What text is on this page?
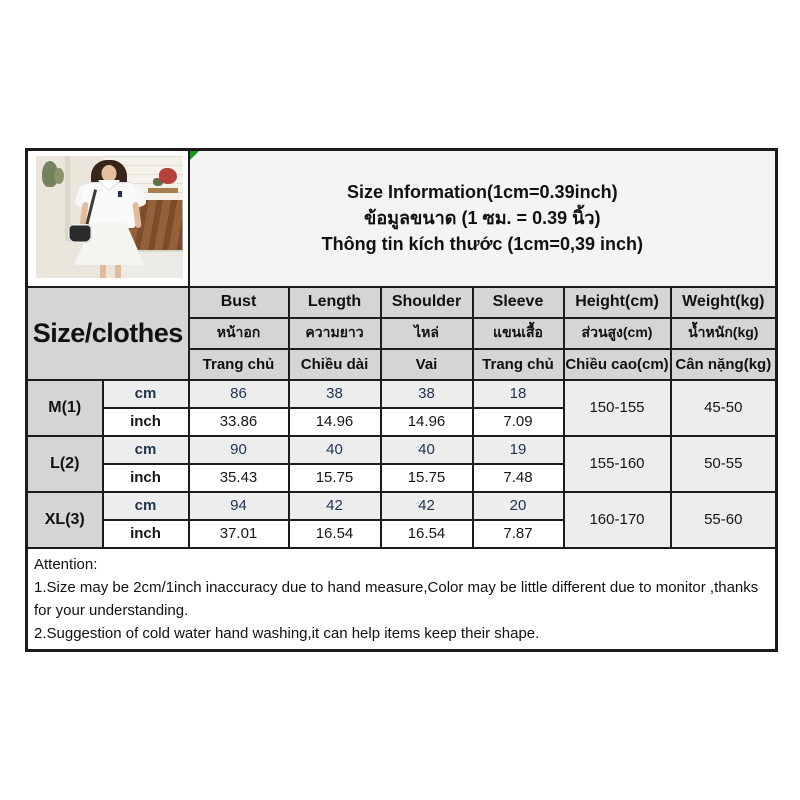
		Size Information(1cm=0.39inch)
ข้อมูลขนาด (1 ซม. = 0.39 นิ้ว)
Thông tin kích thước (1cm=0,39 inch)					

Size/clothes		Bust	Length	Shoulder	Sleeve	Height(cm)	Weight(kg)
		หน้าอก	ความยาว	ไหล่	แขนเสื้อ	ส่วนสูง(cm)	น้ำหนัก(kg)
		Trang chủ	Chiều dài	Vai	Trang chủ	Chiều cao(cm)	Cân nặng(kg)
M(1)	cm	86	38	38	18	150-155	45-50
	inch	33.86	14.96	14.96	7.09		
L(2)	cm	90	40	40	19	155-160	50-55
	inch	35.43	15.75	15.75	7.48		
XL(3)	cm	94	42	42	20	160-170	55-60
	inch	37.01	16.54	16.54	7.87		

Attention:
1.Size may be 2cm/1inch inaccuracy due to hand measure,Color may be little different due to monitor ,thanks for your understanding.
2.Suggestion of cold water hand washing,it can help items keep their shape.							
